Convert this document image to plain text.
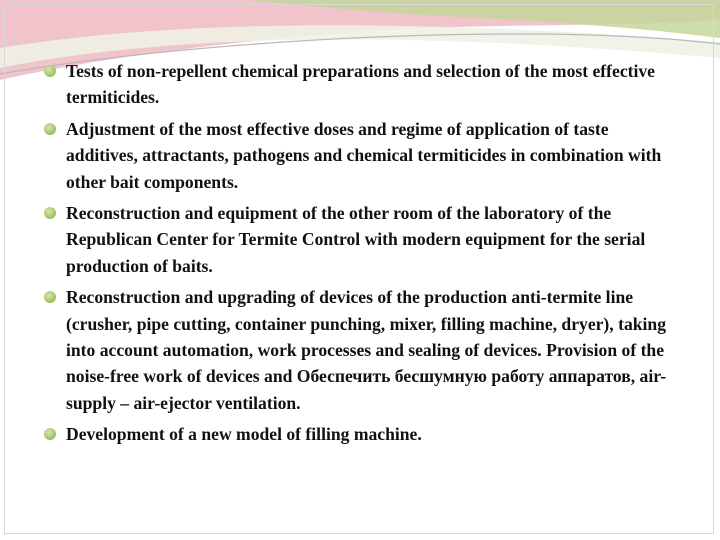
Tests of non-repellent chemical preparations and selection of the most effective termiticides.
Adjustment of the most effective doses and regime of application of taste additives, attractants, pathogens and chemical termiticides in combination with other bait components.
Reconstruction and equipment of the other room of the laboratory of the Republican Center for Termite Control with modern equipment for the serial production of baits.
Reconstruction and upgrading of devices of the production anti-termite line (crusher, pipe cutting, container punching, mixer, filling machine, dryer), taking into account automation, work processes and sealing of devices. Provision of the noise-free work of devices and Обеспечить бесшумную работу аппаратов, air-supply – air-ejector ventilation.
Development of a new model of filling machine.
